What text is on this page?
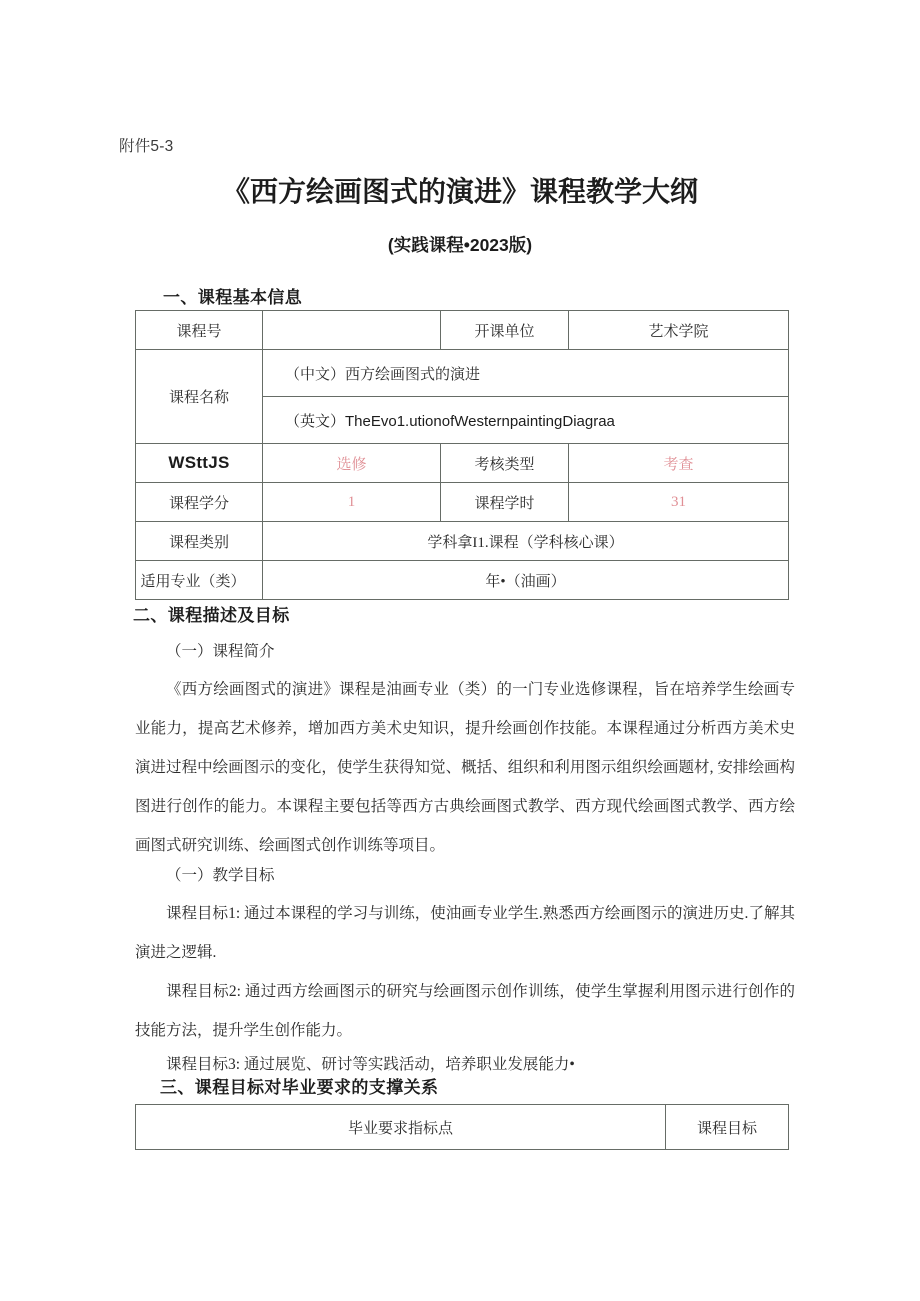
附件5-3
《西方绘画图式的演进》课程教学大纲
(实践课程•2023版)
一、课程基本信息
课程号		开课单位	艺术学院
课程名称	（中文）西方绘画图式的演进		
	（英文）TheEvo1.utionofWesternpaintingDiagraa		
WSttJS	选修	考核类型	考查
课程学分	1	课程学时	31
课程类别	学科拿I1.课程（学科核心课）		
适用专业（类）	年•（油画）		
二、课程描述及目标
（一）课程简介
《西方绘画图式的演进》课程是油画专业（类）的一门专业选修课程，旨在培养学生绘画专业能力，提高艺术修养，增加西方美术史知识，提升绘画创作技能。本课程通过分析西方美术史演进过程中绘画图示的变化，使学生获得知觉、概括、组织和利用图示组织绘画题材, 安排绘画构图进行创作的能力。本课程主要包括等西方古典绘画图式教学、西方现代绘画图式教学、西方绘画图式研究训练、绘画图式创作训练等项目。
（一）教学目标
课程目标1: 通过本课程的学习与训练，使油画专业学生.熟悉西方绘画图示的演进历史.了解其演进之逻辑.
课程目标2: 通过西方绘画图示的研究与绘画图示创作训练，使学生掌握利用图示进行创作的技能方法，提升学生创作能力。
课程目标3: 通过展览、研讨等实践活动，培养职业发展能力•
三、课程目标对毕业要求的支撑关系
毕业要求指标点	课程目标
